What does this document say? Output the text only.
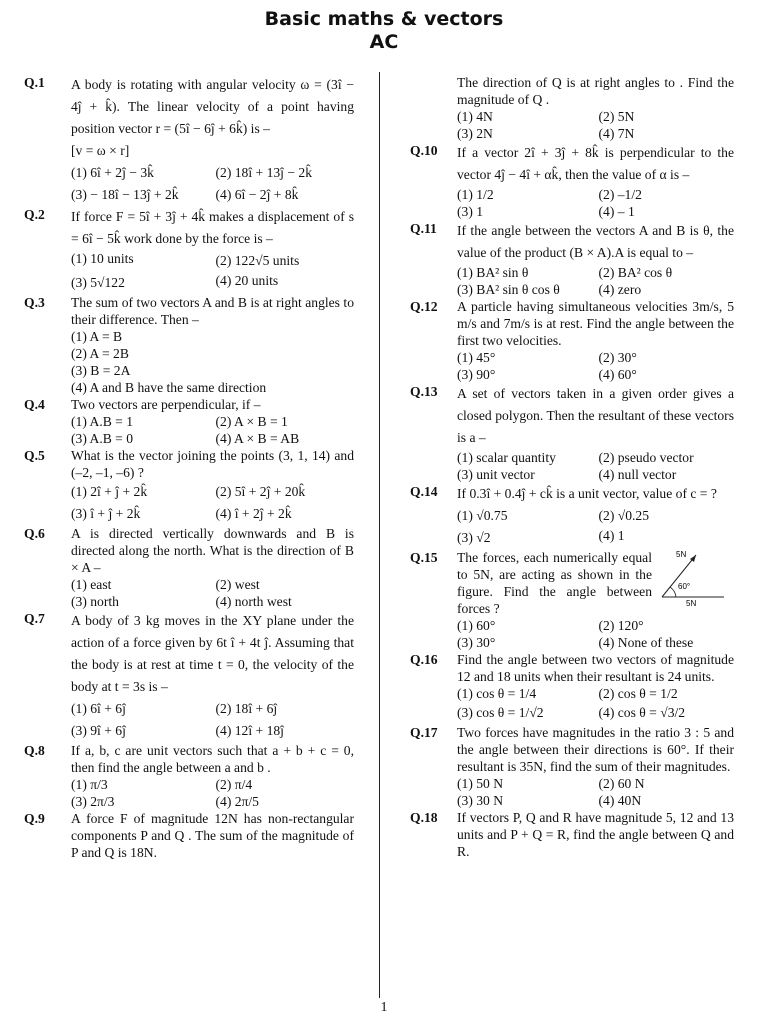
Basic maths & vectors
AC
Q.1	A body is rotating with angular velocity ω = (3î − 4ĵ + k̂). The linear velocity of a point having position vector r = (5î − 6ĵ + 6k̂) is –
[v = ω × r]
(1) 6î + 2ĵ − 3k̂	(2) 18î + 13ĵ − 2k̂
(3) − 18î − 13ĵ + 2k̂	(4) 6î − 2ĵ + 8k̂
Q.2	If force F = 5î + 3ĵ + 4k̂ makes a displacement of s = 6î − 5k̂ work done by the force is –
(1) 10 units	(2) 122√5 units
(3) 5√122	(4) 20 units
Q.3	The sum of two vectors A and B is at right angles to their difference. Then –
(1) A = B
(2) A = 2B
(3) B = 2A
(4) A and B have the same direction
Q.4	Two vectors are perpendicular, if –
(1) A.B = 1	(2) A × B = 1
(3) A.B = 0	(4) A × B = AB
Q.5	What is the vector joining the points (3, 1, 14) and (–2, –1, –6) ?
(1) 2î + ĵ + 2k̂	(2) 5î + 2ĵ + 20k̂
(3) î + ĵ + 2k̂	(4) î + 2ĵ + 2k̂
Q.6	A is directed vertically downwards and B is directed along the north. What is the direction of B × A –
(1) east	(2) west
(3) north	(4) north west
Q.7	A body of 3 kg moves in the XY plane under the action of a force given by 6t î + 4t ĵ. Assuming that the body is at rest at time t = 0, the velocity of the body at t = 3s is –
(1) 6î + 6ĵ	(2) 18î + 6ĵ
(3) 9î + 6ĵ	(4) 12î + 18ĵ
Q.8	If a, b, c are unit vectors such that a + b + c = 0, then find the angle between a and b .
(1) π/3	(2) π/4
(3) 2π/3	(4) 2π/5
Q.9	A force F of magnitude 12N has non-rectangular components P and Q . The sum of the magnitude of P and Q is 18N.
The direction of Q is at right angles to . Find the magnitude of Q .
(1) 4N	(2) 5N
(3) 2N	(4) 7N
Q.10	If a vector 2î + 3ĵ + 8k̂ is perpendicular to the vector 4ĵ − 4î + αk̂, then the value of α is –
(1) 1/2	(2) –1/2
(3) 1	(4) – 1
Q.11	If the angle between the vectors A and B is θ, the value of the product (B × A).A is equal to –
(1) BA² sin θ	(2) BA² cos θ
(3) BA² sin θ cos θ	(4) zero
Q.12	A particle having simultaneous velocities 3m/s, 5 m/s and 7m/s is at rest. Find the angle between the first two velocities.
(1) 45°	(2) 30°
(3) 90°	(4) 60°
Q.13	A set of vectors taken in a given order gives a closed polygon. Then the resultant of these vectors is a –
(1) scalar quantity	(2) pseudo vector
(3) unit vector	(4) null vector
Q.14	If 0.3î + 0.4ĵ + ck̂ is a unit vector, value of c = ?
(1) √0.75	(2) √0.25
(3) √2	(4) 1
Q.15	5N
60°
5N
The forces, each numerically equal to 5N, are acting as shown in the figure. Find the angle between forces ?
(1) 60°	(2) 120°
(3) 30°	(4) None of these
Q.16	Find the angle between two vectors of magnitude 12 and 18 units when their resultant is 24 units.
(1) cos θ = 1/4	(2) cos θ = 1/2
(3) cos θ = 1/√2	(4) cos θ = √3/2
Q.17	Two forces have magnitudes in the ratio 3 : 5 and the angle between their directions is 60°. If their resultant is 35N, find the sum of their magnitudes.
(1) 50 N	(2) 60 N
(3) 30 N	(4) 40N
Q.18	If vectors P, Q and R have magnitude 5, 12 and 13 units and P + Q = R, find the angle between Q and R.
1
